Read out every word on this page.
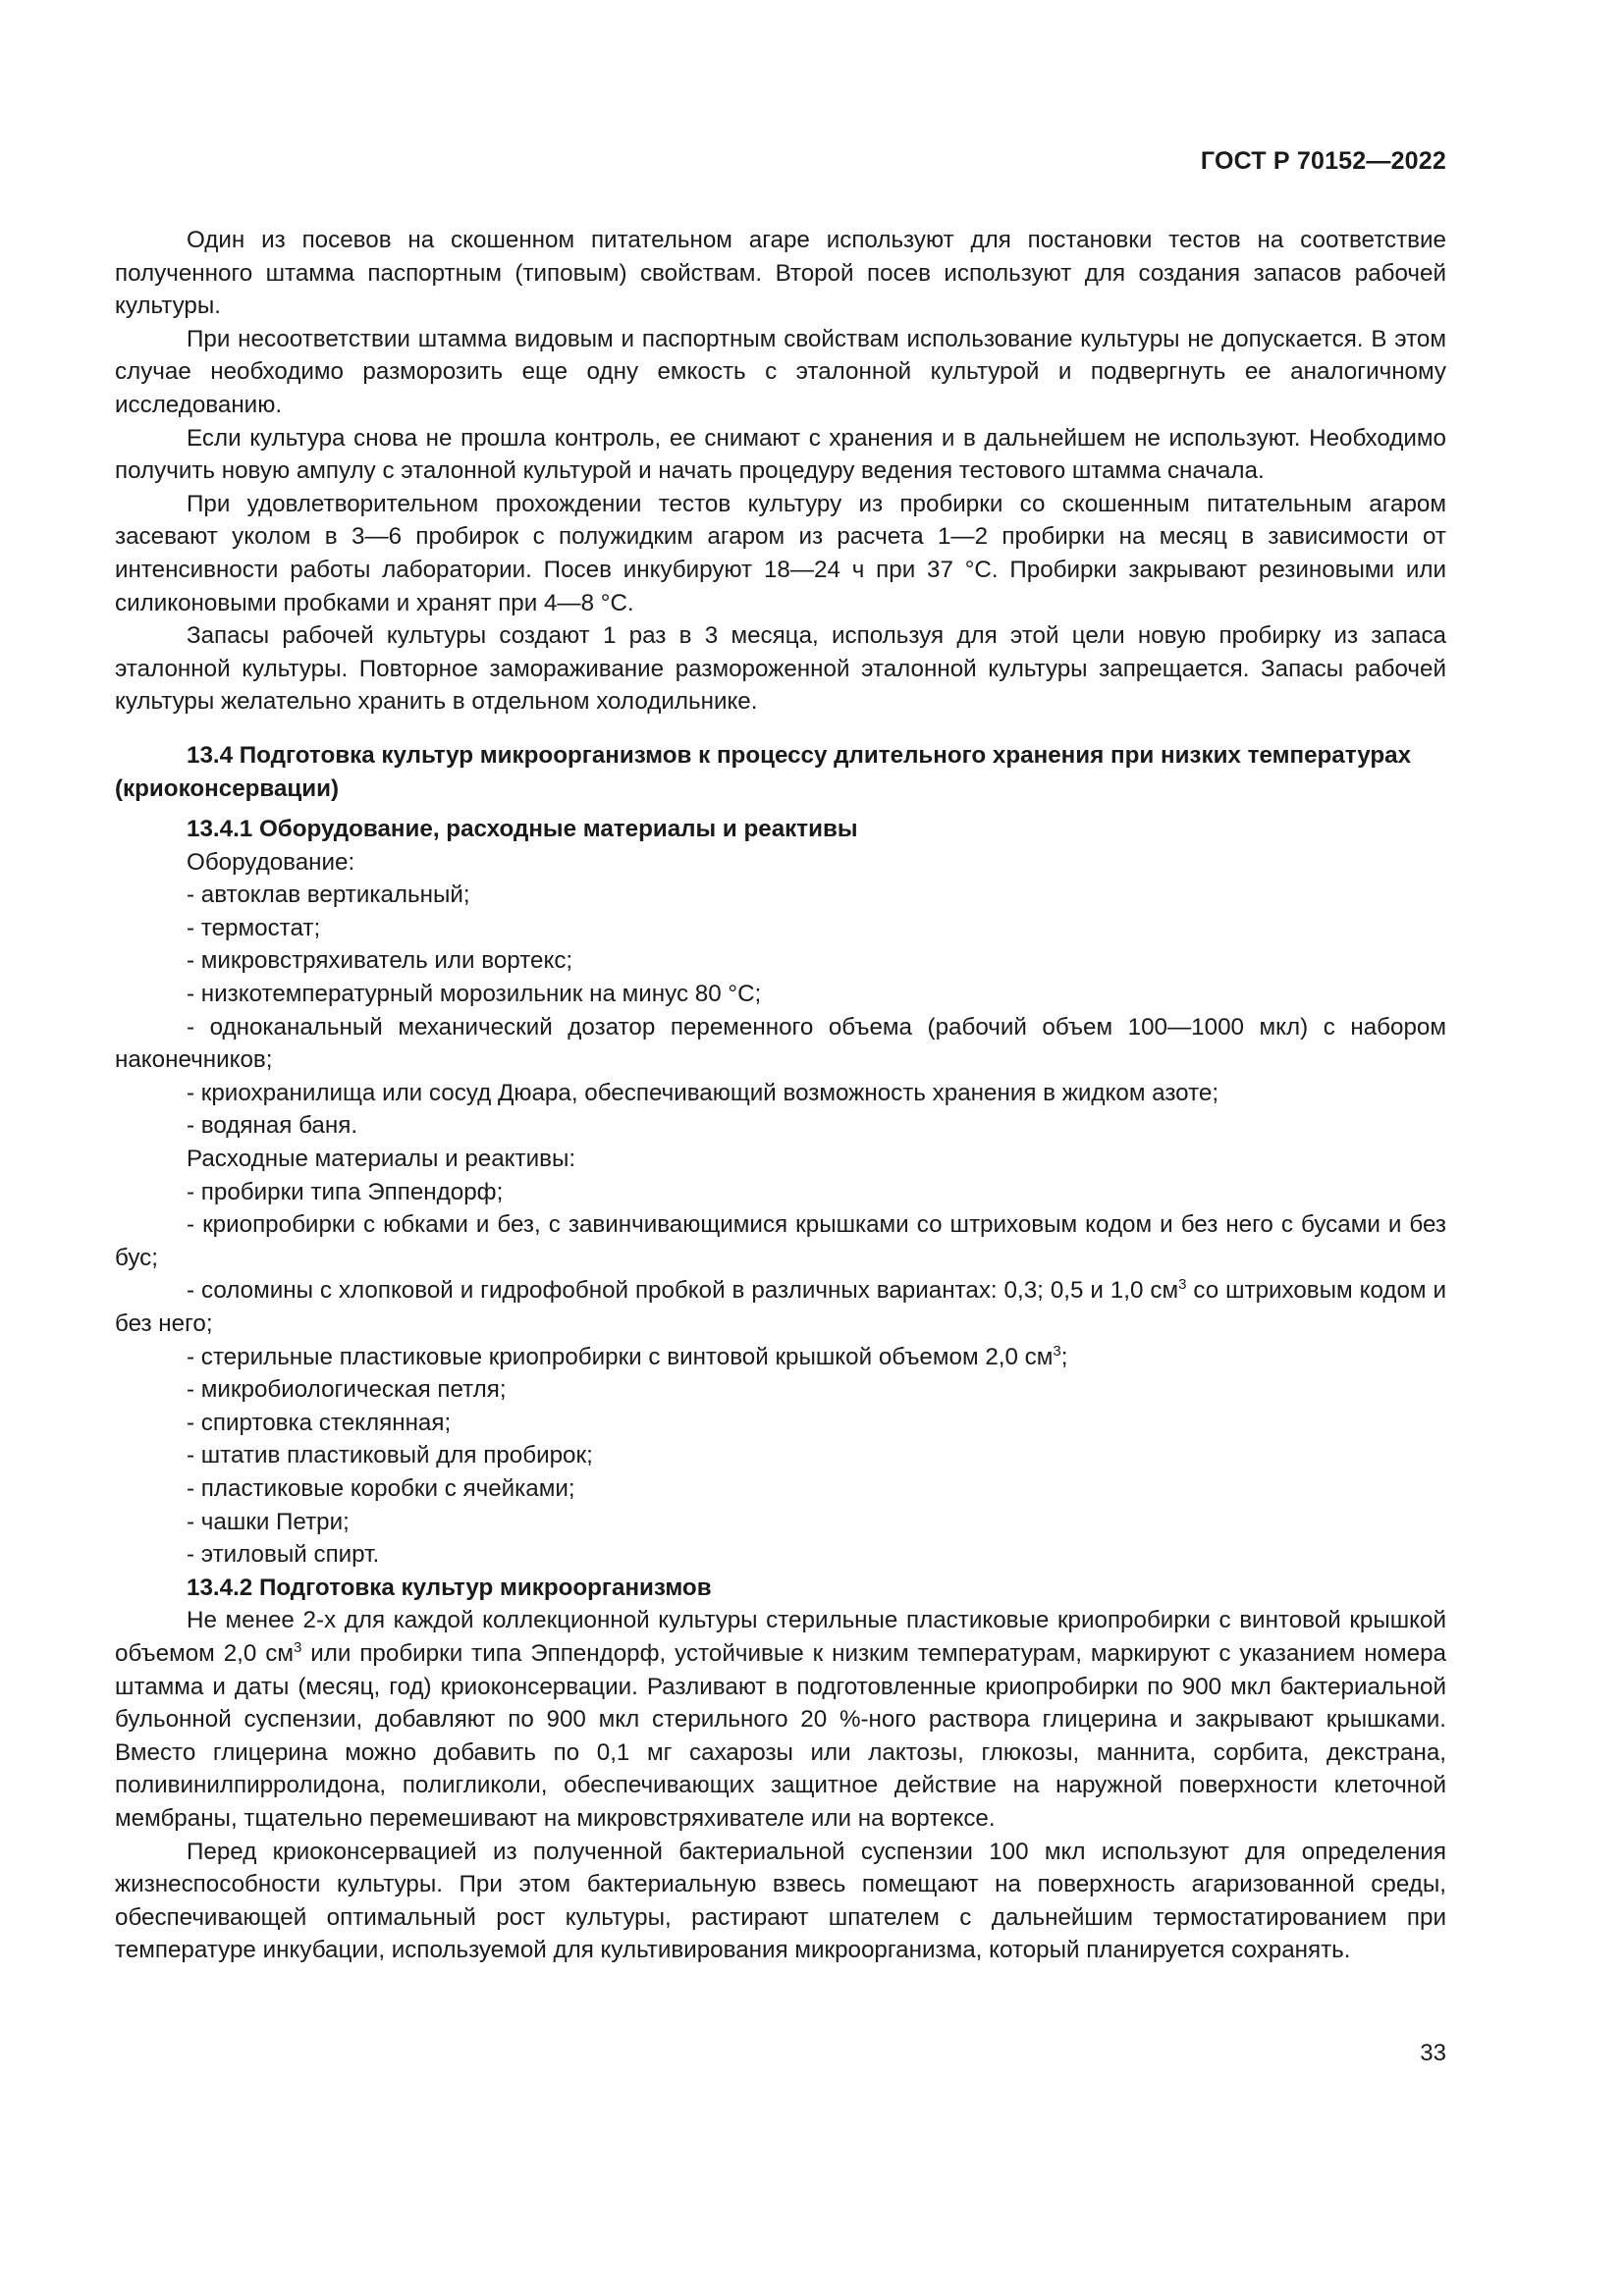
ГОСТ Р 70152—2022

Один из посевов на скошенном питательном агаре используют для постановки тестов на соответствие полученного штамма паспортным (типовым) свойствам. Второй посев используют для создания запасов рабочей культуры.

При несоответствии штамма видовым и паспортным свойствам использование культуры не допускается. В этом случае необходимо разморозить еще одну емкость с эталонной культурой и подвергнуть ее аналогичному исследованию.

Если культура снова не прошла контроль, ее снимают с хранения и в дальнейшем не используют. Необходимо получить новую ампулу с эталонной культурой и начать процедуру ведения тестового штамма сначала.

При удовлетворительном прохождении тестов культуру из пробирки со скошенным питательным агаром засевают уколом в 3—6 пробирок с полужидким агаром из расчета 1—2 пробирки на месяц в зависимости от интенсивности работы лаборатории. Посев инкубируют 18—24 ч при 37 °С. Пробирки закрывают резиновыми или силиконовыми пробками и хранят при 4—8 °С.

Запасы рабочей культуры создают 1 раз в 3 месяца, используя для этой цели новую пробирку из запаса эталонной культуры. Повторное замораживание размороженной эталонной культуры запрещается. Запасы рабочей культуры желательно хранить в отдельном холодильнике.

13.4 Подготовка культур микроорганизмов к процессу длительного хранения при низких температурах (криоконсервации)
13.4.1 Оборудование, расходные материалы и реактивы

Оборудование:

- автоклав вертикальный;

- термостат;

- микровстряхиватель или вортекс;

- низкотемпературный морозильник на минус 80 °С;

- одноканальный механический дозатор переменного объема (рабочий объем 100—1000 мкл) с набором наконечников;

- криохранилища или сосуд Дюара, обеспечивающий возможность хранения в жидком азоте;

- водяная баня.

Расходные материалы и реактивы:

- пробирки типа Эппендорф;

- криопробирки с юбками и без, с завинчивающимися крышками со штриховым кодом и без него с бусами и без бус;

- соломины с хлопковой и гидрофобной пробкой в различных вариантах: 0,3; 0,5 и 1,0 $см^3$ со штриховым кодом и без него;

- стерильные пластиковые криопробирки с винтовой крышкой объемом 2,0 $см^3$;

- микробиологическая петля;

- спиртовка стеклянная;

- штатив пластиковый для пробирок;

- пластиковые коробки с ячейками;

- чашки Петри;

- этиловый спирт.

13.4.2 Подготовка культур микроорганизмов

Не менее 2-х для каждой коллекционной культуры стерильные пластиковые криопробирки с винтовой крышкой объемом 2,0 $см^3$ или пробирки типа Эппендорф, устойчивые к низким температурам, маркируют с указанием номера штамма и даты (месяц, год) криоконсервации. Разливают в подготовленные криопробирки по 900 мкл бактериальной бульонной суспензии, добавляют по 900 мкл стерильного 20 %-ного раствора глицерина и закрывают крышками. Вместо глицерина можно добавить по 0,1 мг сахарозы или лактозы, глюкозы, маннита, сорбита, декстрана, поливинилпирролидона, полигликоли, обеспечивающих защитное действие на наружной поверхности клеточной мембраны, тщательно перемешивают на микровстряхивателе или на вортексе.

Перед криоконсервацией из полученной бактериальной суспензии 100 мкл используют для определения жизнеспособности культуры. При этом бактериальную взвесь помещают на поверхность агаризованной среды, обеспечивающей оптимальный рост культуры, растирают шпателем с дальнейшим термостатированием при температуре инкубации, используемой для культивирования микроорганизма, который планируется сохранять.

33
